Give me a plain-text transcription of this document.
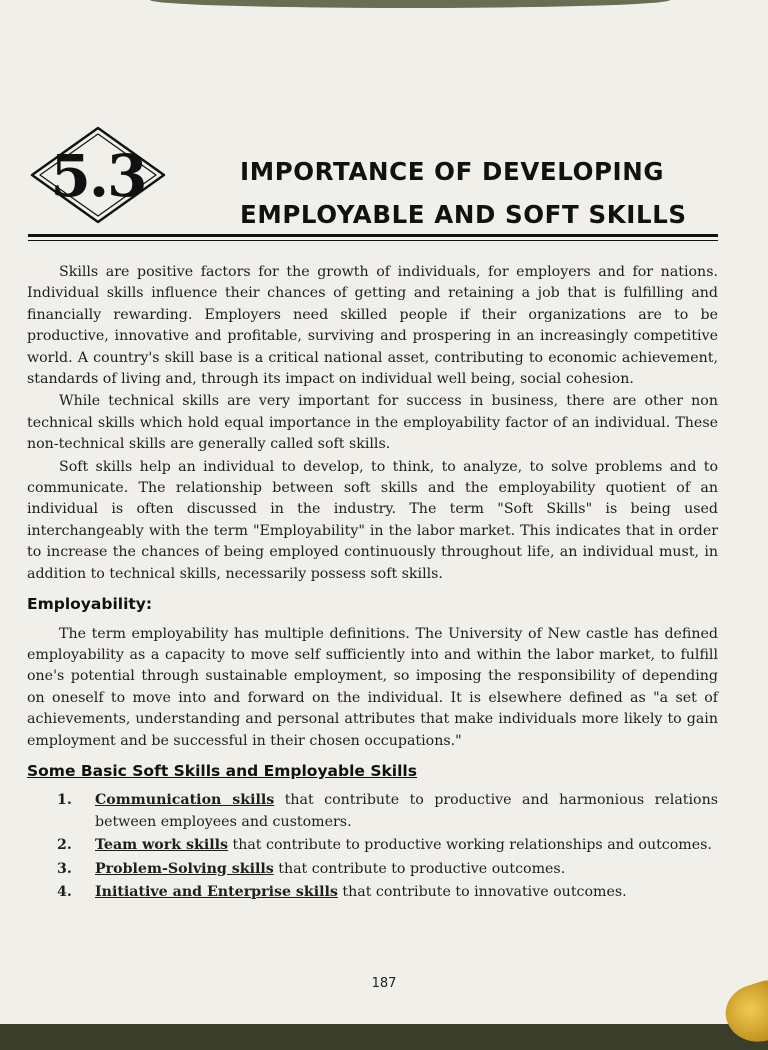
5.3	IMPORTANCE OF DEVELOPING
EMPLOYABLE AND SOFT SKILLS

Skills are positive factors for the growth of individuals, for employers and for nations. Individual skills influence their chances of getting and retaining a job that is fulfilling and financially rewarding. Employers need skilled people if their organizations are to be productive, innovative and profitable, surviving and prospering in an increasingly competitive world. A country's skill base is a critical national asset, contributing to economic achievement, standards of living and, through its impact on individual well being, social cohesion.

While technical skills are very important for success in business, there are other non technical skills which hold equal importance in the employability factor of an individual. These non-technical skills are generally called soft skills.

Soft skills help an individual to develop, to think, to analyze, to solve problems and to communicate. The relationship between soft skills and the employability quotient of an individual is often discussed in the industry. The term "Soft Skills" is being used interchangeably with the term "Employability" in the labor market. This indicates that in order to increase the chances of being employed continuously throughout life, an individual must, in addition to technical skills, necessarily possess soft skills.

Employability:

The term employability has multiple definitions. The University of New castle has defined employability as a capacity to move self sufficiently into and within the labor market, to fulfill one's potential through sustainable employment, so imposing the responsibility of depending on oneself to move into and forward on the individual. It is elsewhere defined as "a set of achievements, understanding and personal attributes that make individuals more likely to gain employment and be successful in their chosen occupations."

Some Basic Soft Skills and Employable Skills
1. Communication skills that contribute to productive and harmonious relations between employees and customers.
2. Team work skills that contribute to productive working relationships and outcomes.
3. Problem-Solving skills that contribute to productive outcomes.
4. Initiative and Enterprise skills that contribute to innovative outcomes.
187
